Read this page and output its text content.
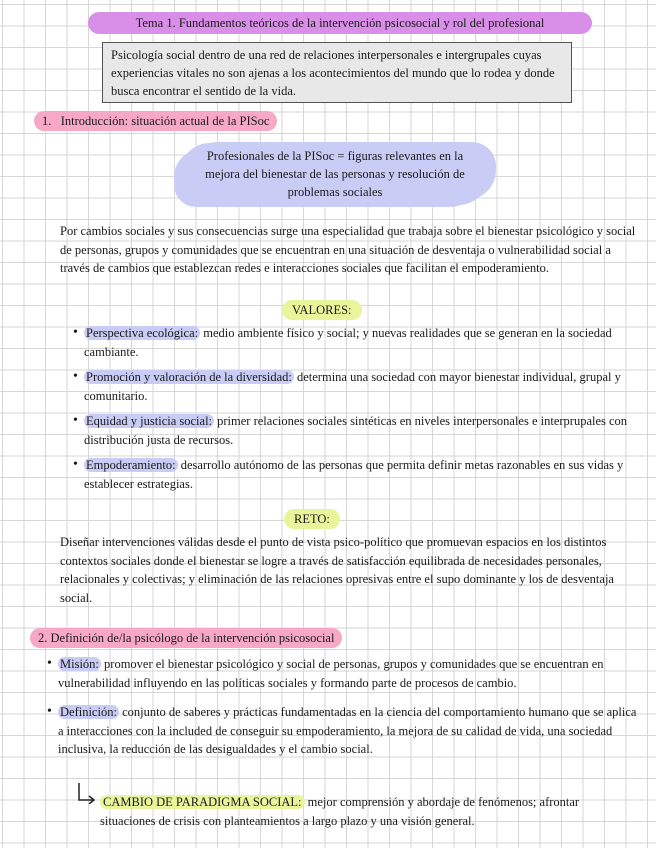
Tema 1. Fundamentos teóricos de la intervención psicosocial y rol del profesional
Psicología social dentro de una red de relaciones interpersonales e intergrupales cuyas experiencias vitales no son ajenas a los acontecimientos del mundo que lo rodea y donde busca encontrar el sentido de la vida.
1. Introducción: situación actual de la PISoc
Profesionales de la PISoc = figuras relevantes en la mejora del bienestar de las personas y resolución de problemas sociales
Por cambios sociales y sus consecuencias surge una especialidad que trabaja sobre el bienestar psicológico y social de personas, grupos y comunidades que se encuentran en una situación de desventaja o vulnerabilidad social a través de cambios que establezcan redes e interacciones sociales que facilitan el empoderamiento.
VALORES:
• Perspectiva ecológica: medio ambiente físico y social; y nuevas realidades que se generan en la sociedad cambiante.
• Promoción y valoración de la diversidad: determina una sociedad con mayor bienestar individual, grupal y comunitario.
• Equidad y justicia social: primer relaciones sociales sintéticas en niveles interpersonales e interprupales con distribución justa de recursos.
• Empoderamiento: desarrollo autónomo de las personas que permita definir metas razonables en sus vidas y establecer estrategias.
RETO:
Diseñar intervenciones válidas desde el punto de vista psico-político que promuevan espacios en los distintos contextos sociales donde el bienestar se logre a través de satisfacción equilibrada de necesidades personales, relacionales y colectivas; y eliminación de las relaciones opresivas entre el supo dominante y los de desventaja social.
2. Definición de/la psicólogo de la intervención psicosocial
• Misión: promover el bienestar psicológico y social de personas, grupos y comunidades que se encuentran en vulnerabilidad influyendo en las políticas sociales y formando parte de procesos de cambio.
• Definición: conjunto de saberes y prácticas fundamentadas en la ciencia del comportamiento humano que se aplica a interacciones con la included de conseguir su empoderamiento, la mejora de su calidad de vida, una sociedad inclusiva, la reducción de las desigualdades y el cambio social.
CAMBIO DE PARADIGMA SOCIAL: mejor comprensión y abordaje de fenómenos; afrontar situaciones de crisis con planteamientos a largo plazo y una visión general.
